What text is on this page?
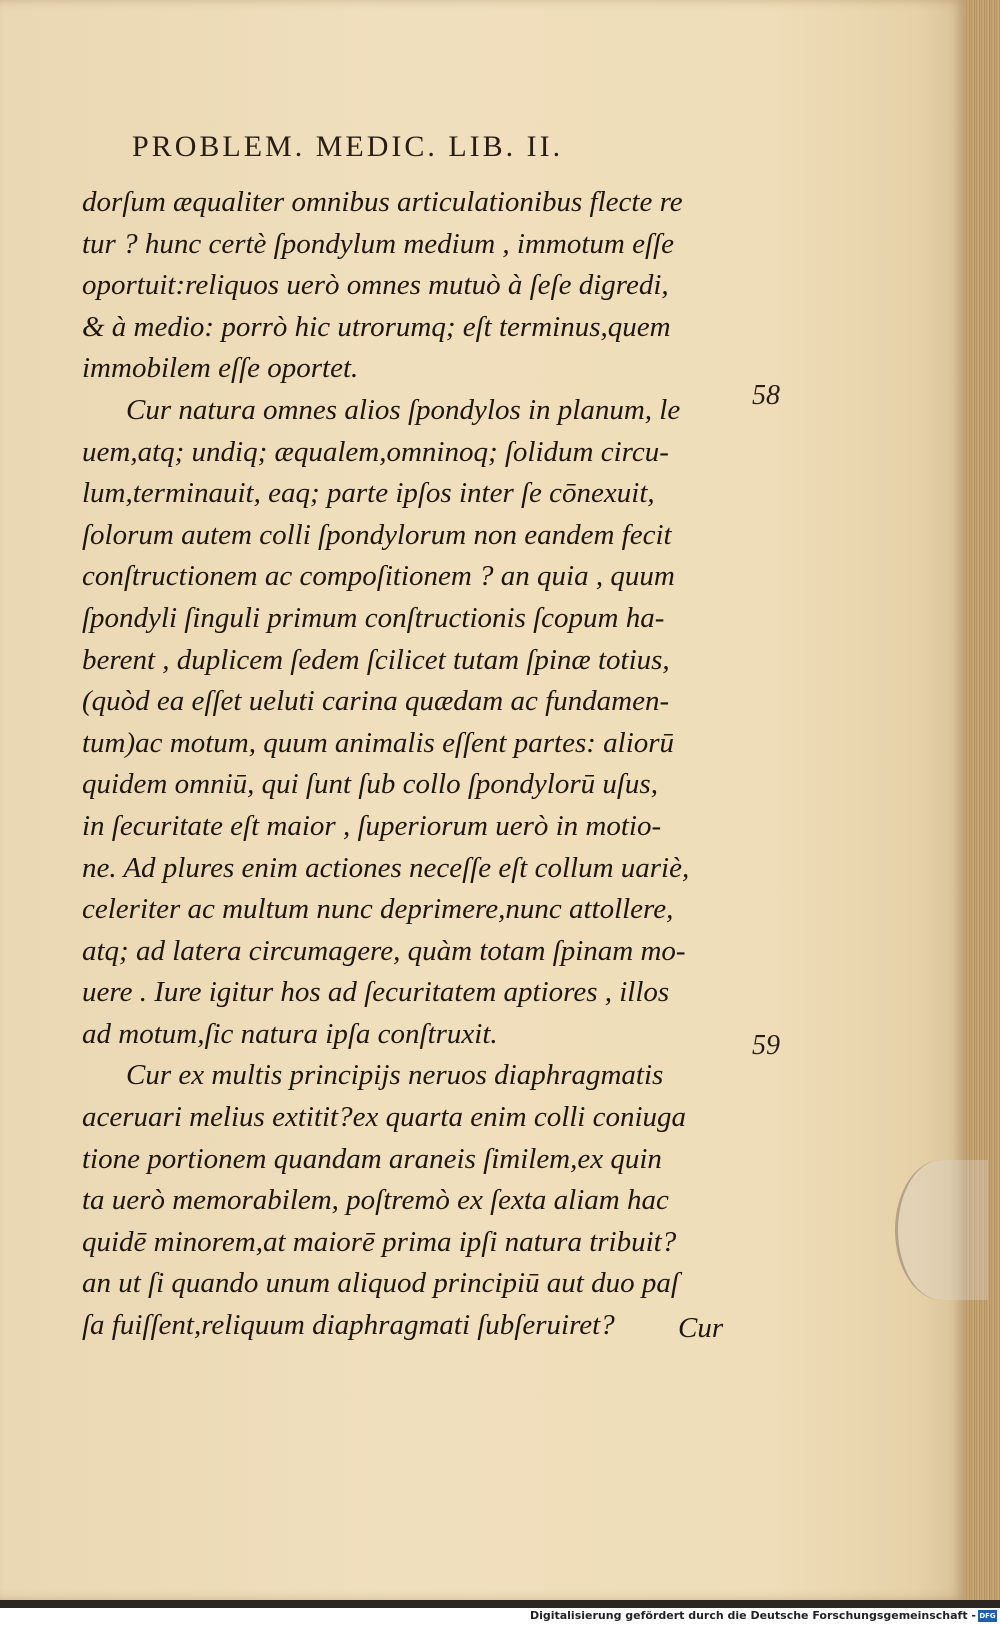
PROBLEM. MEDIC. LIB. II.
dorſum æqualiter omnibus articulationibus flecte re
tur ? hunc certè ſpondylum medium , immotum eſſe
oportuit:reliquos uerò omnes mutuò à ſeſe digredi,
& à medio: porrò hic utrorumq; eſt terminus,quem
immobilem eſſe oportet.
Cur natura omnes alios ſpondylos in planum, le
uem,atq; undiq; æqualem,omninoq; ſolidum circu-
lum,terminauit, eaq; parte ipſos inter ſe cōnexuit,
ſolorum autem colli ſpondylorum non eandem fecit
conſtructionem ac compoſitionem ? an quia , quum
ſpondyli ſinguli primum conſtructionis ſcopum ha-
berent , duplicem ſedem ſcilicet tutam ſpinæ totius,
(quòd ea eſſet ueluti carina quædam ac fundamen-
tum)ac motum, quum animalis eſſent partes: aliorū
quidem omniū, qui ſunt ſub collo ſpondylorū uſus,
in ſecuritate eſt maior , ſuperiorum uerò in motio-
ne. Ad plures enim actiones neceſſe eſt collum uariè,
celeriter ac multum nunc deprimere,nunc attollere,
atq; ad latera circumagere, quàm totam ſpinam mo-
uere . Iure igitur hos ad ſecuritatem aptiores , illos
ad motum,ſic natura ipſa conſtruxit.
Cur ex multis principijs neruos diaphragmatis
aceruari melius extitit?ex quarta enim colli coniuga
tione portionem quandam araneis ſimilem,ex quin
ta uerò memorabilem, poſtremò ex ſexta aliam hac
quidē minorem,at maiorē prima ipſi natura tribuit?
an ut ſi quando unum aliquod principiū aut duo paſ
ſa fuiſſent,reliquum diaphragmati ſubſeruiret?
58
59
Cur
Digitalisierung gefördert durch die Deutsche Forschungsgemeinschaft - DFG
